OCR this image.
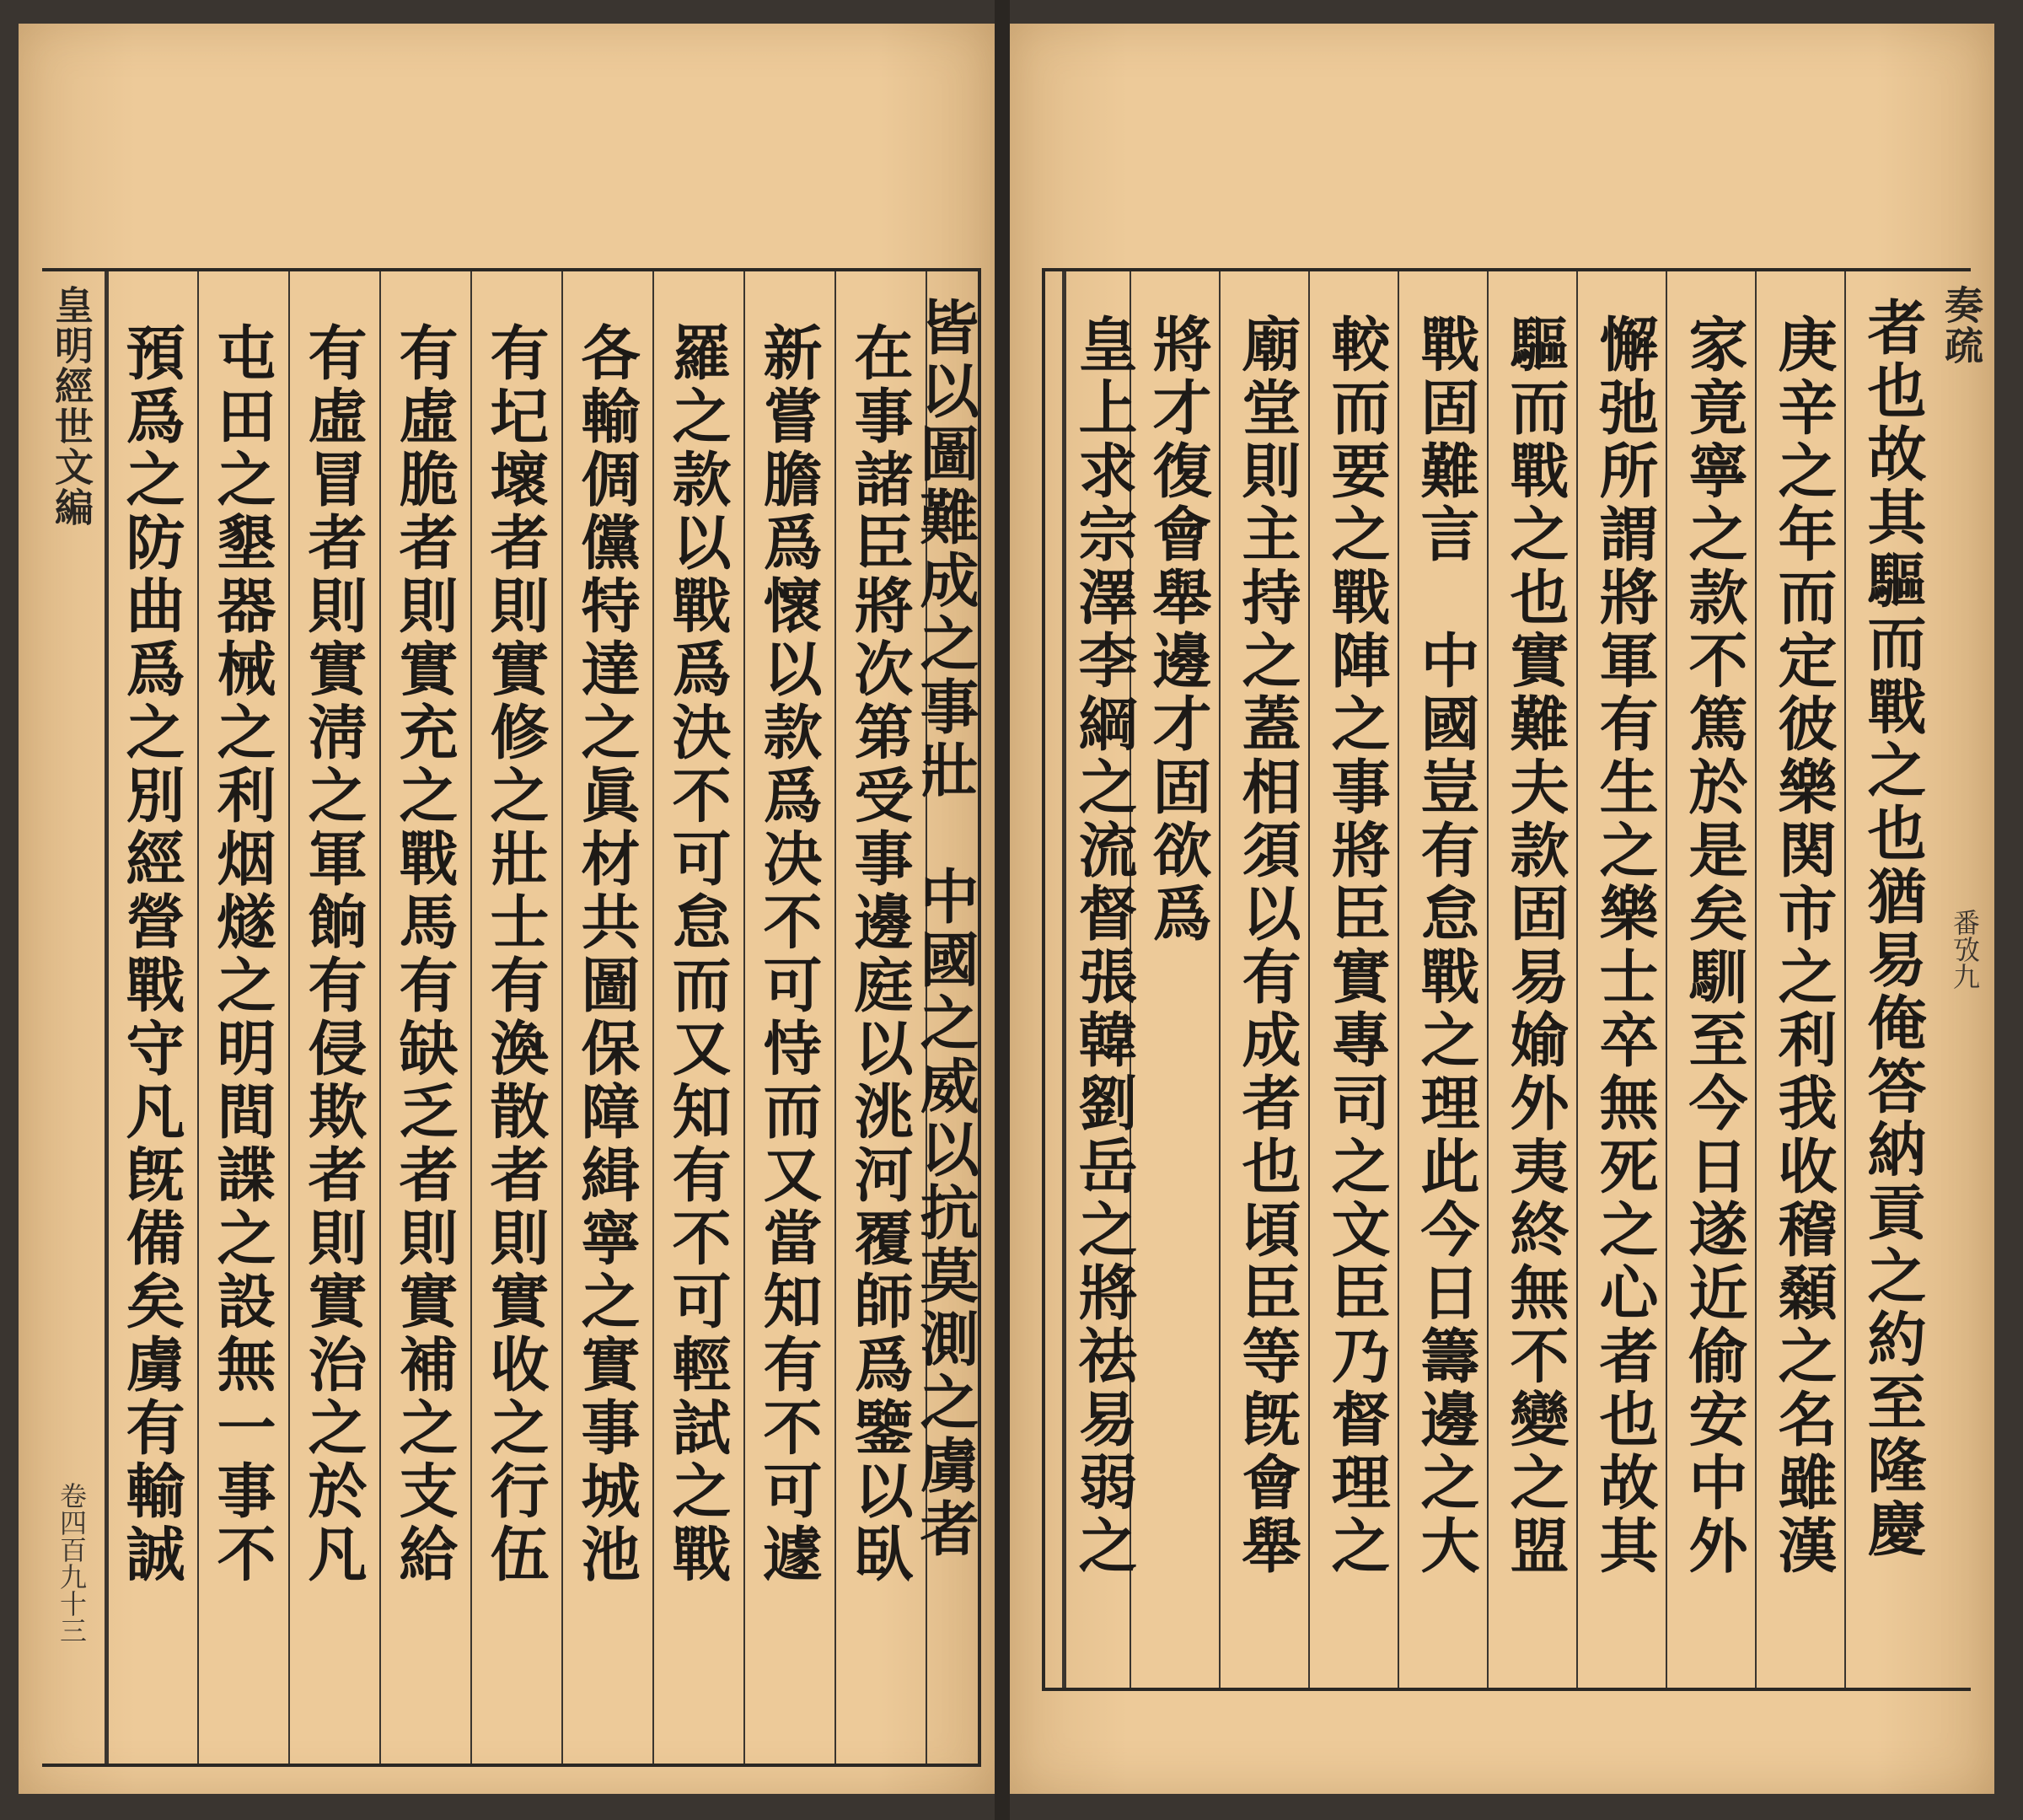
皇明經世文編
卷四百九十三 預爲之防曲爲之別經營戰守凡旣備矣虜有輸誠 屯田之墾器械之利烟燧之明間諜之設無一事不 有虛冒者則實淸之軍餉有侵欺者則實治之於凡 有虛脆者則實充之戰馬有缺乏者則實補之支給 有圮壞者則實修之壯士有渙散者則實收之行伍 各輸倜儻特達之眞材共圖保障緝寧之實事城池 羅之款以戰爲決不可怠而又知有不可輕試之戰 新嘗膽爲懷以款爲决不可恃而又當知有不可遽 在事諸臣將次第受事邊庭以洮河覆師爲鑒以臥
皆以圖難成之事壯　中國之威以抗莫測之虜者	奏疏
番攷九
皇上求宗澤李綱之流督張韓劉岳之將祛易弱之 將才復會舉邊才固欲爲 廟堂則主持之蓋相須以有成者也頃臣等旣會舉 較而要之戰陣之事將臣實專司之文臣乃督理之 戰固難言　中國豈有怠戰之理此今日籌邊之大 驅而戰之也實難夫款固易媮外夷終無不變之盟 懈弛所謂將軍有生之樂士卒無死之心者也故其 家竟寧之款不篤於是矣馴至今日遂近偷安中外 庚辛之年而定彼樂関市之利我收稽顙之名雖漢 者也故其驅而戰之也猶易俺答納貢之約至隆慶
